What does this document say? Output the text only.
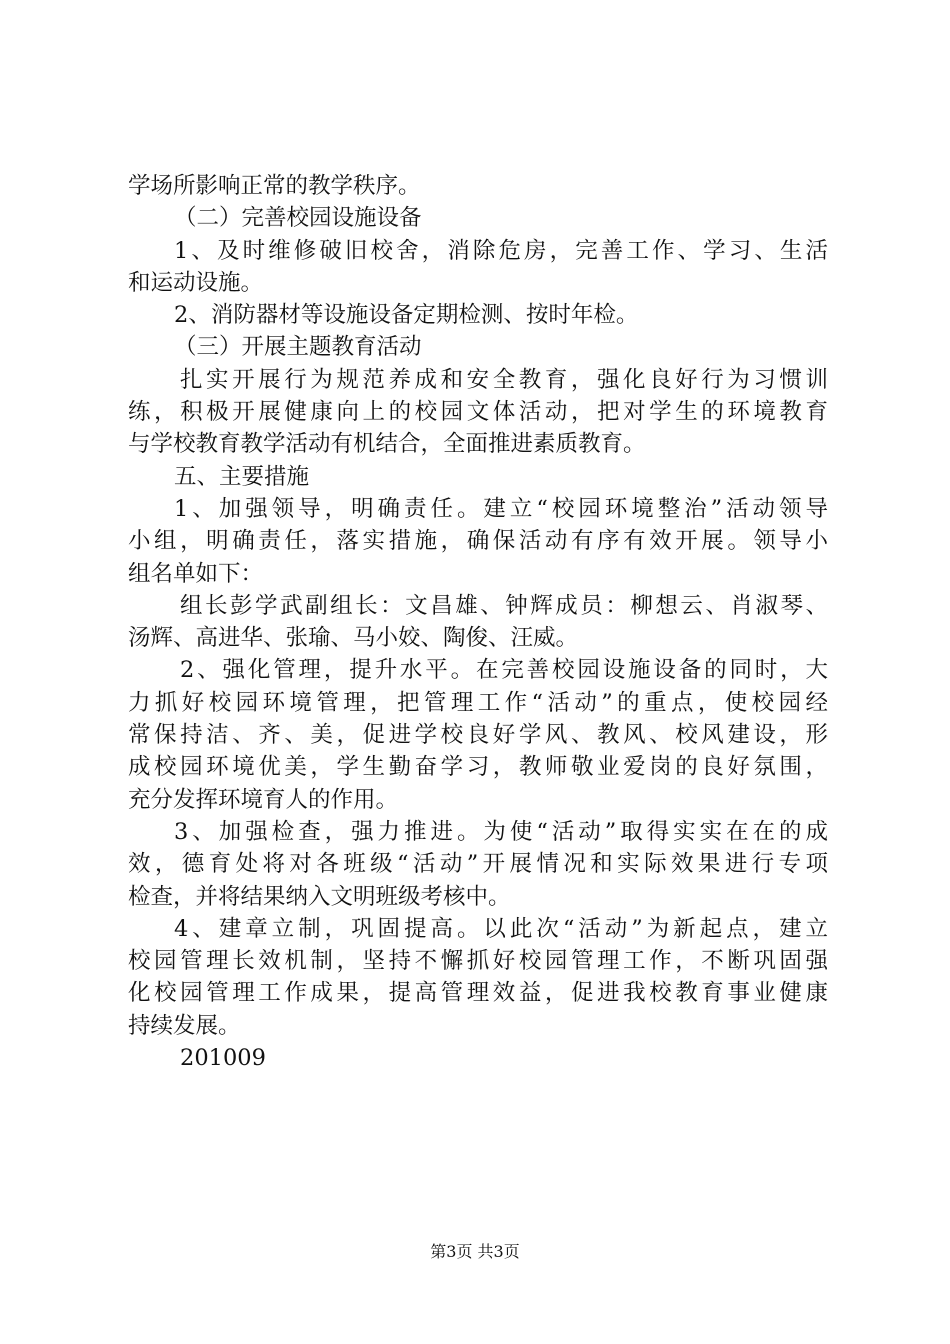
学场所影响正常的教学秩序。
（二）完善校园设施设备
1、及时维修破旧校舍，消除危房，完善工作、学习、生活
和运动设施。
2、消防器材等设施设备定期检测、按时年检。
（三）开展主题教育活动
扎实开展行为规范养成和安全教育，强化良好行为习惯训
练，积极开展健康向上的校园文体活动，把对学生的环境教育
与学校教育教学活动有机结合，全面推进素质教育。
五、主要措施
1、加强领导，明确责任。建立“校园环境整治”活动领导
小组，明确责任，落实措施，确保活动有序有效开展。领导小
组名单如下：
组长彭学武副组长：文昌雄、钟辉成员：柳想云、肖淑琴、
汤辉、高进华、张瑜、马小姣、陶俊、汪威。
2、强化管理，提升水平。在完善校园设施设备的同时，大
力抓好校园环境管理，把管理工作“活动”的重点，使校园经
常保持洁、齐、美，促进学校良好学风、教风、校风建设，形
成校园环境优美，学生勤奋学习，教师敬业爱岗的良好氛围，
充分发挥环境育人的作用。
3、加强检查，强力推进。为使“活动”取得实实在在的成
效，德育处将对各班级“活动”开展情况和实际效果进行专项
检查，并将结果纳入文明班级考核中。
4、建章立制，巩固提高。以此次“活动”为新起点，建立
校园管理长效机制，坚持不懈抓好校园管理工作，不断巩固强
化校园管理工作成果，提高管理效益，促进我校教育事业健康
持续发展。
201009
第3页 共3页
